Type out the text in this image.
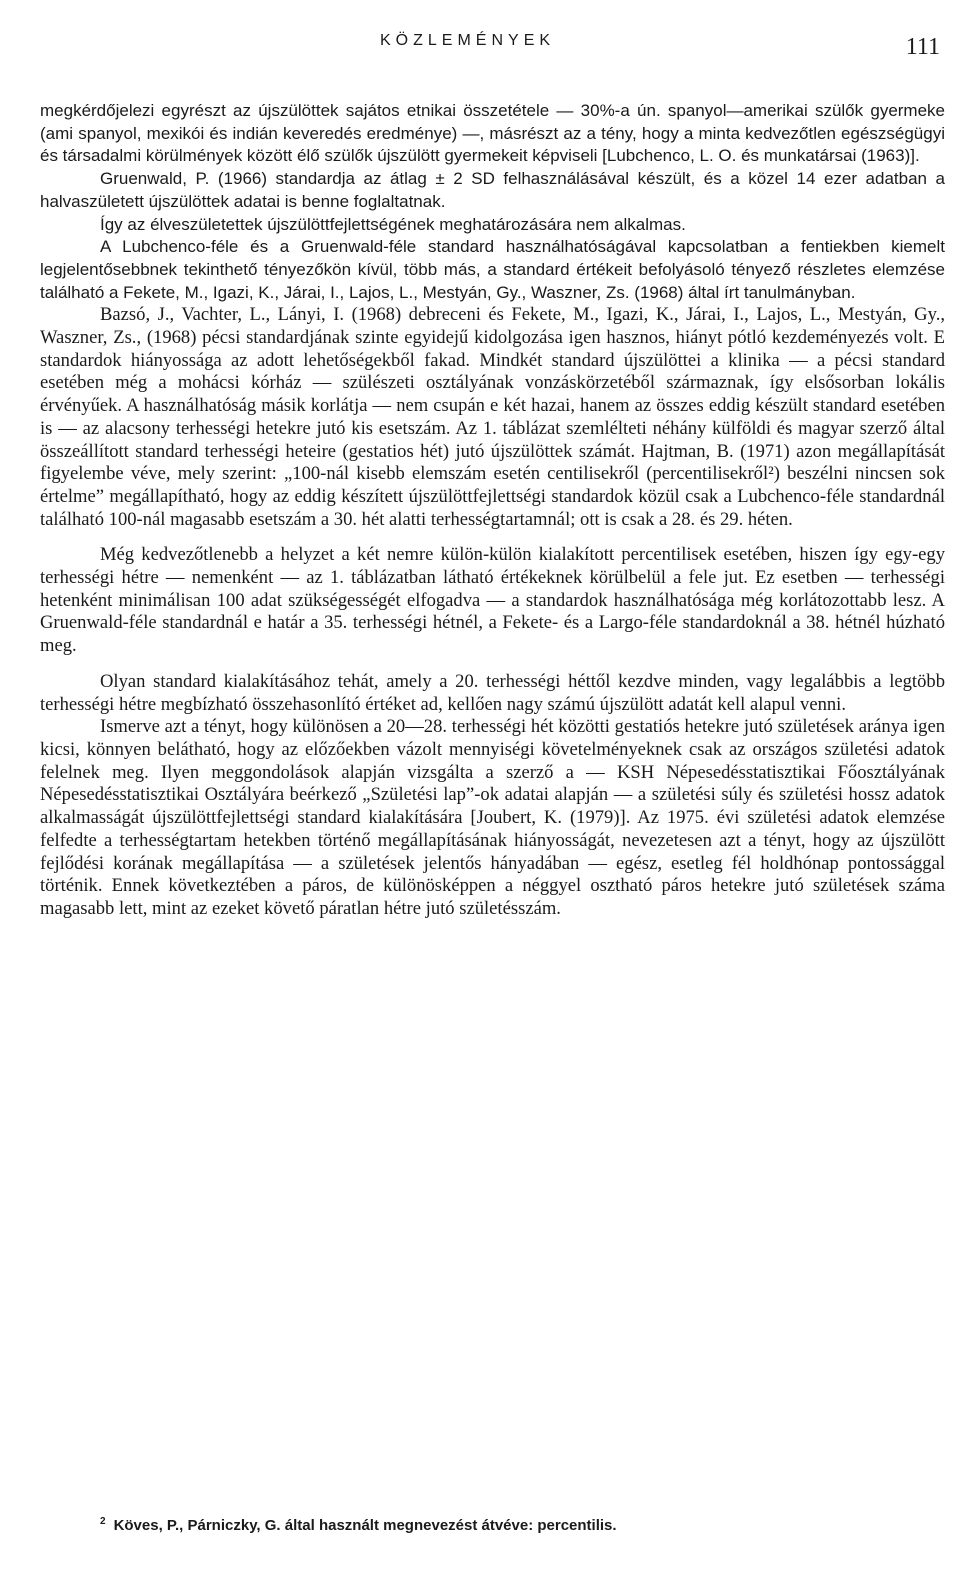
KÖZLEMÉNYEK	111

megkérdőjelezi egyrészt az újszülöttek sajátos etnikai összetétele — 30%-a ún. spanyol—amerikai szülők gyermeke (ami spanyol, mexikói és indián keveredés eredménye) —, másrészt az a tény, hogy a minta kedvezőtlen egészségügyi és társadalmi körülmények között élő szülők újszülött gyermekeit képviseli [Lubchenco, L. O. és munkatársai (1963)].

Gruenwald, P. (1966) standardja az átlag ± 2 SD felhasználásával készült, és a közel 14 ezer adatban a halvaszületett újszülöttek adatai is benne foglaltatnak.

Így az élveszületettek újszülöttfejlettségének meghatározására nem alkalmas.

A Lubchenco-féle és a Gruenwald-féle standard használhatóságával kapcsolatban a fentiekben kiemelt legjelentősebbnek tekinthető tényezőkön kívül, több más, a standard értékeit befolyásoló tényező részletes elemzése található a Fekete, M., Igazi, K., Járai, I., Lajos, L., Mestyán, Gy., Waszner, Zs. (1968) által írt tanulmányban.

Bazsó, J., Vachter, L., Lányi, I. (1968) debreceni és Fekete, M., Igazi, K., Járai, I., Lajos, L., Mestyán, Gy., Waszner, Zs., (1968) pécsi standardjának szinte egyidejű kidolgozása igen hasznos, hiányt pótló kezdeményezés volt. E standardok hiányossága az adott lehetőségekből fakad. Mindkét standard újszülöttei a klinika — a pécsi standard esetében még a mohácsi kórház — szülészeti osztályának vonzáskörzetéből származnak, így elsősorban lokális érvényűek. A használhatóság másik korlátja — nem csupán e két hazai, hanem az összes eddig készült standard esetében is — az alacsony terhességi hetekre jutó kis esetszám. Az 1. táblázat szemlélteti néhány külföldi és magyar szerző által összeállított standard terhességi heteire (gestatios hét) jutó újszülöttek számát. Hajtman, B. (1971) azon megállapítását figyelembe véve, mely szerint: „100-nál kisebb elemszám esetén centilisekről (percentilisekről²) beszélni nincsen sok értelme” megállapítható, hogy az eddig készített újszülöttfejlettségi standardok közül csak a Lubchenco-féle standardnál található 100-nál magasabb esetszám a 30. hét alatti terhességtartamnál; ott is csak a 28. és 29. héten.

Még kedvezőtlenebb a helyzet a két nemre külön-külön kialakított percentilisek esetében, hiszen így egy-egy terhességi hétre — nemenként — az 1. táblázatban látható értékeknek körülbelül a fele jut. Ez esetben — terhességi hetenként minimálisan 100 adat szükségességét elfogadva — a standardok használhatósága még korlátozottabb lesz. A Gruenwald-féle standardnál e határ a 35. terhességi hétnél, a Fekete- és a Largo-féle standardoknál a 38. hétnél húzható meg.

Olyan standard kialakításához tehát, amely a 20. terhességi héttől kezdve minden, vagy legalábbis a legtöbb terhességi hétre megbízható összehasonlító értéket ad, kellően nagy számú újszülött adatát kell alapul venni.

Ismerve azt a tényt, hogy különösen a 20—28. terhességi hét közötti gestatiós hetekre jutó születések aránya igen kicsi, könnyen belátható, hogy az előzőekben vázolt mennyiségi követelményeknek csak az országos születési adatok felelnek meg. Ilyen meggondolások alapján vizsgálta a szerző a — KSH Népesedésstatisztikai Főosztályának Népesedésstatisztikai Osztályára beérkező „Születési lap”-ok adatai alapján — a születési súly és születési hossz adatok alkalmasságát újszülöttfejlettségi standard kialakítására [Joubert, K. (1979)]. Az 1975. évi születési adatok elemzése felfedte a terhességtartam hetekben történő megállapításának hiányosságát, nevezetesen azt a tényt, hogy az újszülött fejlődési korának megállapítása — a születések jelentős hányadában — egész, esetleg fél holdhónap pontossággal történik. Ennek következtében a páros, de különösképpen a néggyel osztható páros hetekre jutó születések száma magasabb lett, mint az ezeket követő páratlan hétre jutó születésszám.

$^2$ Köves, P., Párniczky, G. által használt megnevezést átvéve: percentilis.
